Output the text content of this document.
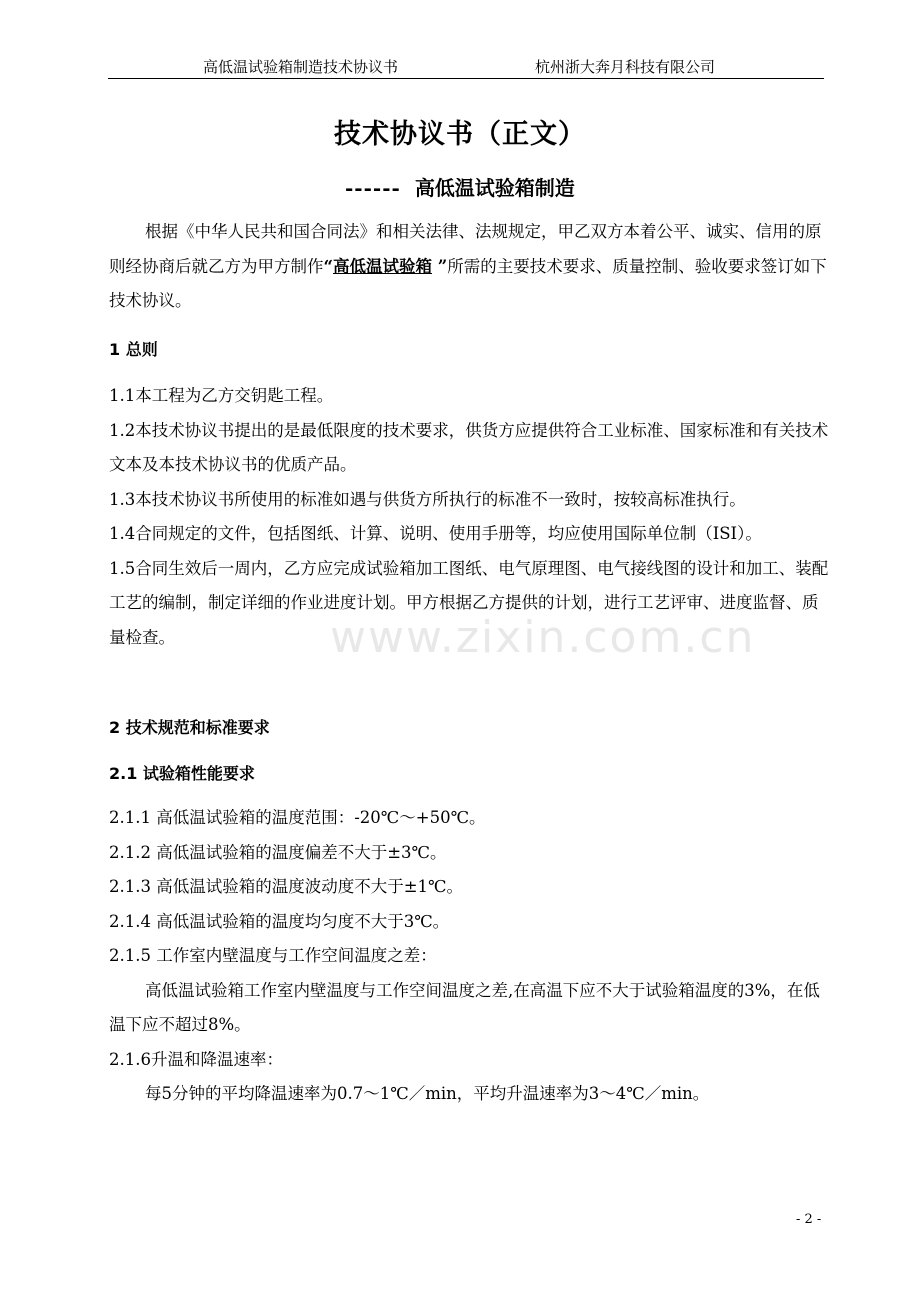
高低温试验箱制造技术协议书	杭州浙大奔月科技有限公司
www.zixin.com.cn
技术协议书（正文）
------ 高低温试验箱制造

根据《中华人民共和国合同法》和相关法律、法规规定，甲乙双方本着公平、诚实、信用的原则经协商后就乙方为甲方制作“高低温试验箱 ”所需的主要技术要求、质量控制、验收要求签订如下技术协议。

1 总则

1.1本工程为乙方交钥匙工程。

1.2本技术协议书提出的是最低限度的技术要求，供货方应提供符合工业标准、国家标准和有关技术文本及本技术协议书的优质产品。

1.3本技术协议书所使用的标准如遇与供货方所执行的标准不一致时，按较高标准执行。

1.4合同规定的文件，包括图纸、计算、说明、使用手册等，均应使用国际单位制（ISI）。

1.5合同生效后一周内，乙方应完成试验箱加工图纸、电气原理图、电气接线图的设计和加工、装配工艺的编制，制定详细的作业进度计划。甲方根据乙方提供的计划，进行工艺评审、进度监督、质量检查。

2 技术规范和标准要求

2.1 试验箱性能要求

2.1.1 高低温试验箱的温度范围：-20℃～+50℃。

2.1.2 高低温试验箱的温度偏差不大于±3℃。

2.1.3 高低温试验箱的温度波动度不大于±1℃。

2.1.4 高低温试验箱的温度均匀度不大于3℃。

2.1.5 工作室内壁温度与工作空间温度之差：

高低温试验箱工作室内壁温度与工作空间温度之差,在高温下应不大于试验箱温度的3%，在低温下应不超过8%。

2.1.6升温和降温速率：

每5分钟的平均降温速率为0.7～1℃／min，平均升温速率为3～4℃／min。

- 2 -
